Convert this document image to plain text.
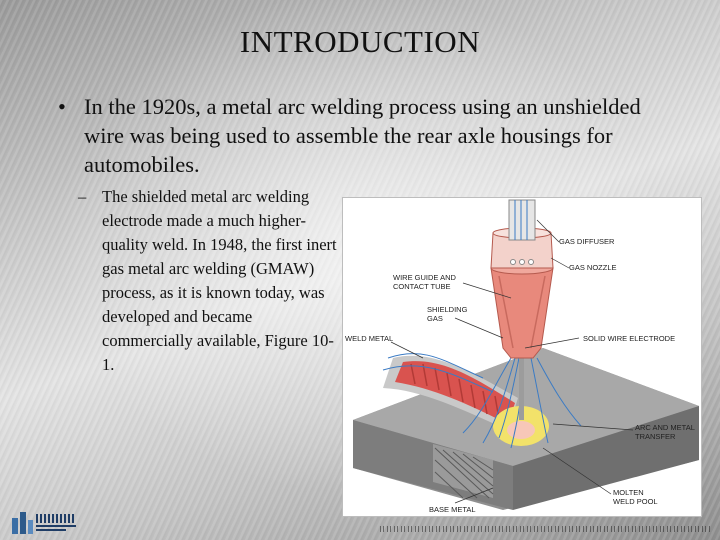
INTRODUCTION
• In the 1920s, a metal arc welding process using an unshielded wire was being used to assemble the rear axle housings for automobiles.
– The shielded metal arc welding electrode made a much higher-quality weld. In 1948, the first inert gas metal arc welding (GMAW) process, as it is known today, was developed and became commercially available, Figure 10-1.
GAS DIFFUSER
GAS NOZZLE
WIRE GUIDE AND
CONTACT TUBE
SHIELDING
GAS
WELD METAL	SOLID WIRE ELECTRODE
ARC AND METAL
TRANSFER
MOLTEN
WELD POOL
BASE METAL
